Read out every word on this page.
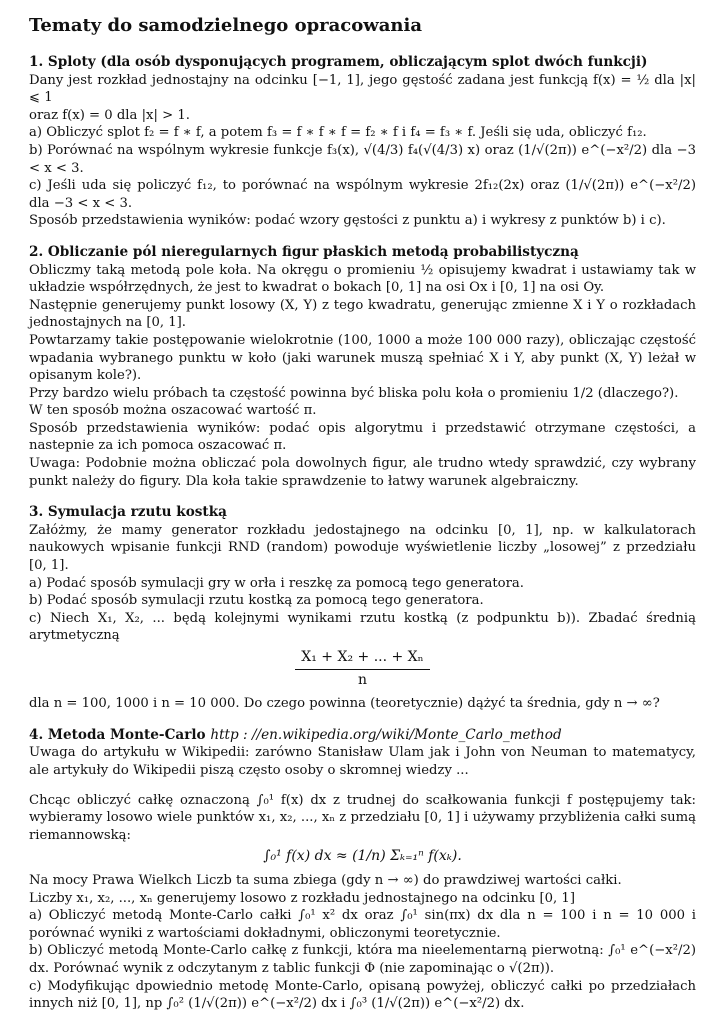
Tematy do samodzielnego opracowania
1. Sploty (dla osób dysponujących programem, obliczającym splot dwóch funkcji)

Dany jest rozkład jednostajny na odcinku [−1, 1], jego gęstość zadana jest funkcją f(x) = ½ dla |x| ⩽ 1

oraz f(x) = 0 dla |x| > 1.

a) Obliczyć splot f₂ = f ∗ f, a potem f₃ = f ∗ f ∗ f = f₂ ∗ f i f₄ = f₃ ∗ f. Jeśli się uda, obliczyć f₁₂.

b) Porównać na wspólnym wykresie funkcje f₃(x), √(4/3) f₄(√(4/3) x) oraz (1/√(2π)) e^(−x²/2) dla −3 < x < 3.

c) Jeśli uda się policzyć f₁₂, to porównać na wspólnym wykresie 2f₁₂(2x) oraz (1/√(2π)) e^(−x²/2) dla −3 < x < 3.

Sposób przedstawienia wyników: podać wzory gęstości z punktu a) i wykresy z punktów b) i c).

2. Obliczanie pól nieregularnych figur płaskich metodą probabilistyczną

Obliczmy taką metodą pole koła. Na okręgu o promieniu ½ opisujemy kwadrat i ustawiamy tak w układzie współrzędnych, że jest to kwadrat o bokach [0, 1] na osi Ox i [0, 1] na osi Oy.

Następnie generujemy punkt losowy (X, Y) z tego kwadratu, generując zmienne X i Y o rozkładach jednostajnych na [0, 1].

Powtarzamy takie postępowanie wielokrotnie (100, 1000 a może 100 000 razy), obliczając częstość wpadania wybranego punktu w koło (jaki warunek muszą spełniać X i Y, aby punkt (X, Y) leżał w opisanym kole?).

Przy bardzo wielu próbach ta częstość powinna być bliska polu koła o promieniu 1/2 (dlaczego?).

W ten sposób można oszacować wartość π.

Sposób przedstawienia wyników: podać opis algorytmu i przedstawić otrzymane częstości, a nastepnie za ich pomoca oszacować π.

Uwaga: Podobnie można obliczać pola dowolnych figur, ale trudno wtedy sprawdzić, czy wybrany punkt należy do figury. Dla koła takie sprawdzenie to łatwy warunek algebraiczny.

3. Symulacja rzutu kostką

Załóżmy, że mamy generator rozkładu jedostajnego na odcinku [0, 1], np. w kalkulatorach naukowych wpisanie funkcji RND (random) powoduje wyświetlenie liczby „losowej” z przedziału [0, 1].

a) Podać sposób symulacji gry w orła i reszkę za pomocą tego generatora.

b) Podać sposób symulacji rzutu kostką za pomocą tego generatora.

c) Niech X₁, X₂, ... będą kolejnymi wynikami rzutu kostką (z podpunktu b)). Zbadać średnią arytmetyczną

$\frac{\text{X₁ + X₂ + ... + Xₙ}}{n}$

dla n = 100, 1000 i n = 10 000. Do czego powinna (teoretycznie) dążyć ta średnia, gdy n → ∞?

4. Metoda Monte-Carlo http : //en.wikipedia.org/wiki/Monte_Carlo_method

Uwaga do artykułu w Wikipedii: zarówno Stanisław Ulam jak i John von Neuman to matematycy, ale artykuły do Wikipedii piszą często osoby o skromnej wiedzy ...

Chcąc obliczyć całkę oznaczoną ∫₀¹ f(x) dx z trudnej do scałkowania funkcji f postępujemy tak: wybieramy losowo wiele punktów x₁, x₂, ..., xₙ z przedziału [0, 1] i używamy przybliżenia całki sumą riemannowską:

∫₀¹ f(x) dx ≈ (1/n) Σₖ₌₁ⁿ f(xₖ).

Na mocy Prawa Wielkch Liczb ta suma zbiega (gdy n → ∞) do prawdziwej wartości całki.

Liczby x₁, x₂, ..., xₙ generujemy losowo z rozkładu jednostajnego na odcinku [0, 1]

a) Obliczyć metodą Monte-Carlo całki ∫₀¹ x² dx oraz ∫₀¹ sin(πx) dx dla n = 100 i n = 10 000 i porównać wyniki z wartościami dokładnymi, obliczonymi teoretycznie.

b) Obliczyć metodą Monte-Carlo całkę z funkcji, która ma nieelementarną pierwotną: ∫₀¹ e^(−x²/2) dx. Porównać wynik z odczytanym z tablic funkcji Φ (nie zapominając o √(2π)).

c) Modyfikując dpowiednio metodę Monte-Carlo, opisaną powyżej, obliczyć całki po przedziałach innych niż [0, 1], np ∫₀² (1/√(2π)) e^(−x²/2) dx i ∫₀³ (1/√(2π)) e^(−x²/2) dx.
